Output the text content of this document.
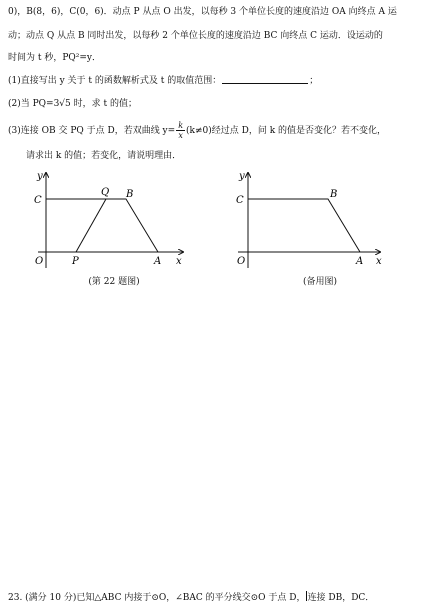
0)，B(8，6)，C(0，6)．动点 P 从点 O 出发，以每秒 3 个单位长度的速度沿边 OA 向终点 A 运
动；动点 Q 从点 B 同时出发，以每秒 2 个单位长度的速度沿边 BC 向终点 C 运动．设运动的
时间为 t 秒，PQ²=y．
(1)直接写出 y 关于 t 的函数解析式及 t 的取值范围：	；
(2)当 PQ=3√5 时，求 t 的值；
(3)连接 OB 交 PQ 于点 D，若双曲线 $y= \frac{k}{x} (k\ne 0)$经过点 D，问 k 的值是否变化？若不变化，
请求出 k 的值；若变化，请说明理由．
y
C
Q B
O	P	A x
(第 22 题图)
y
C
B
O	A x
(备用图)
23. (满分 10 分)已知△ABC 内接于⊙O，∠BAC 的平分线交⊙O 于点 D， 连接 DB，DC．
